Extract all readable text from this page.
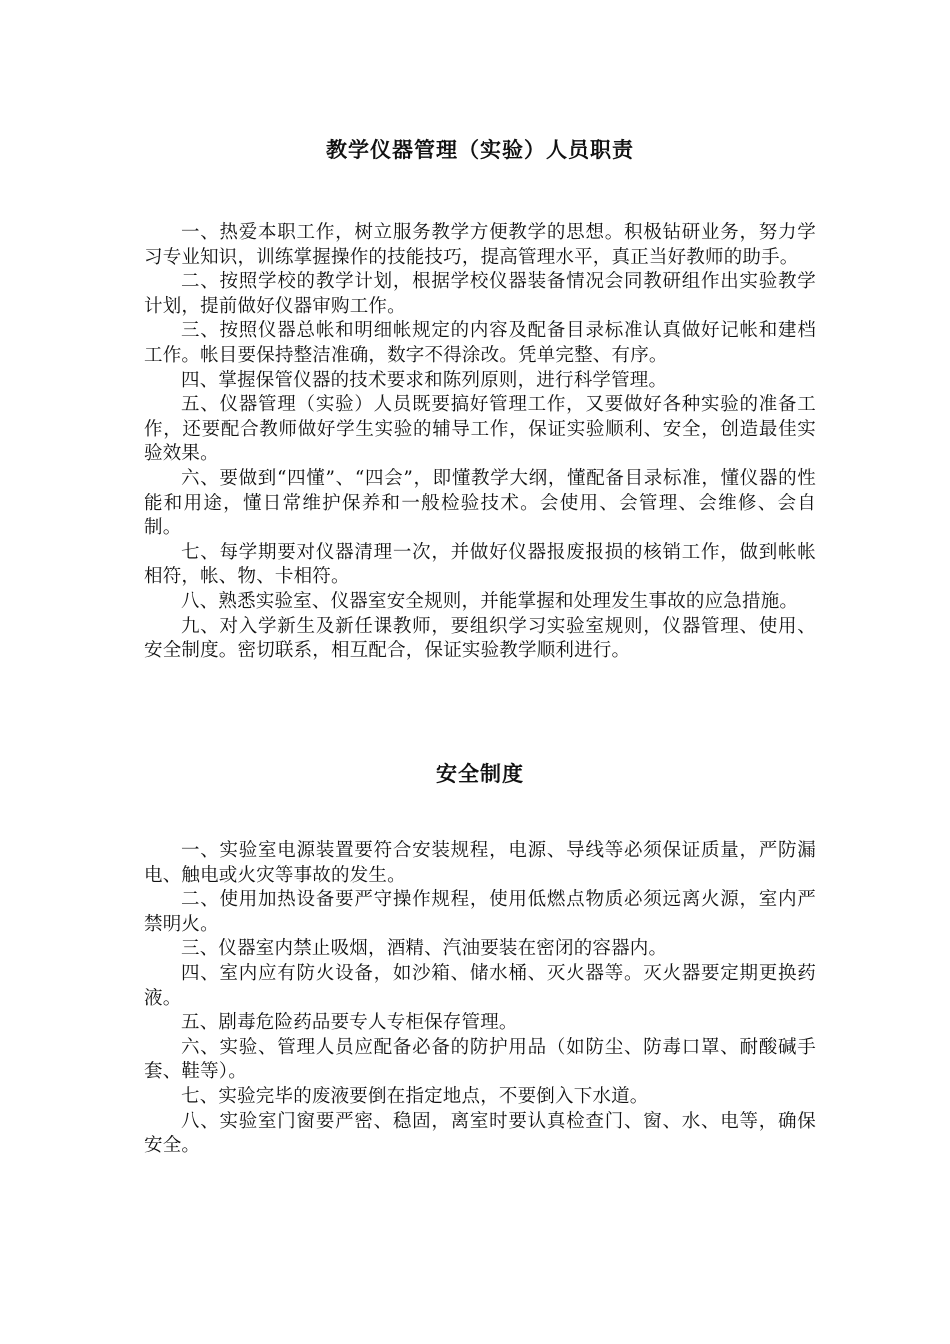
教学仪器管理（实验）人员职责

一、热爱本职工作，树立服务教学方便教学的思想。积极钻研业务，努力学习专业知识，训练掌握操作的技能技巧，提高管理水平，真正当好教师的助手。

二、按照学校的教学计划，根据学校仪器装备情况会同教研组作出实验教学计划，提前做好仪器审购工作。

三、按照仪器总帐和明细帐规定的内容及配备目录标准认真做好记帐和建档工作。帐目要保持整洁准确，数字不得涂改。凭单完整、有序。

四、掌握保管仪器的技术要求和陈列原则，进行科学管理。

五、仪器管理（实验）人员既要搞好管理工作，又要做好各种实验的准备工作，还要配合教师做好学生实验的辅导工作，保证实验顺利、安全，创造最佳实验效果。

六、要做到“四懂”、“四会”，即懂教学大纲，懂配备目录标准，懂仪器的性能和用途，懂日常维护保养和一般检验技术。会使用、会管理、会维修、会自制。

七、每学期要对仪器清理一次，并做好仪器报废报损的核销工作，做到帐帐相符，帐、物、卡相符。

八、熟悉实验室、仪器室安全规则，并能掌握和处理发生事故的应急措施。

九、对入学新生及新任课教师，要组织学习实验室规则，仪器管理、使用、安全制度。密切联系，相互配合，保证实验教学顺利进行。

安全制度

一、实验室电源装置要符合安装规程，电源、导线等必须保证质量，严防漏电、触电或火灾等事故的发生。

二、使用加热设备要严守操作规程，使用低燃点物质必须远离火源，室内严禁明火。

三、仪器室内禁止吸烟，酒精、汽油要装在密闭的容器内。

四、室内应有防火设备，如沙箱、储水桶、灭火器等。灭火器要定期更换药液。

五、剧毒危险药品要专人专柜保存管理。

六、实验、管理人员应配备必备的防护用品（如防尘、防毒口罩、耐酸碱手套、鞋等）。

七、实验完毕的废液要倒在指定地点，不要倒入下水道。

八、实验室门窗要严密、稳固，离室时要认真检查门、窗、水、电等，确保安全。
